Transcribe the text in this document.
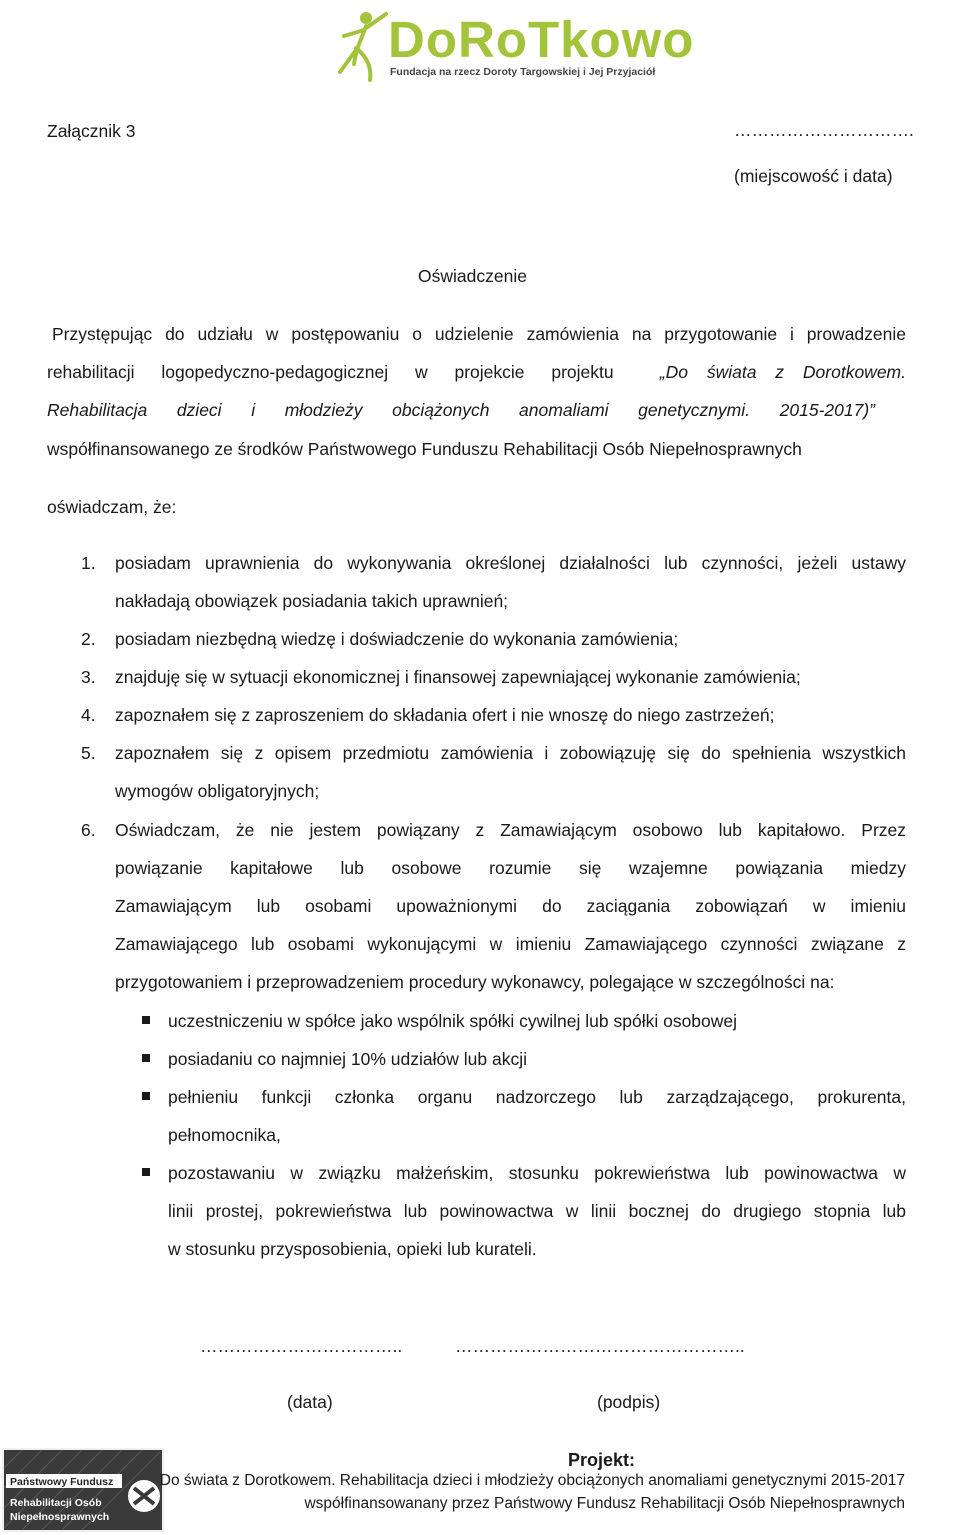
DoRoTkowo
Fundacja na rzecz Doroty Targowskiej i Jej Przyjaciół
Załącznik 3	………………………….
(miejscowość i data)
Oświadczenie
Przystępując do udziału w postępowaniu o udzielenie zamówienia na przygotowanie i prowadzenie
rehabilitacji logopedyczno-pedagogicznej w projekcie projektu	„Do świata z Dorotkowem.
Rehabilitacja dzieci i młodzieży obciążonych anomaliami genetycznymi. 2015-2017)”
współfinansowanego ze środków Państwowego Funduszu Rehabilitacji Osób Niepełnosprawnych
oświadczam, że:
1. posiadam uprawnienia do wykonywania określonej działalności lub czynności, jeżeli ustawy
nakładają obowiązek posiadania takich uprawnień;
2. posiadam niezbędną wiedzę i doświadczenie do wykonania zamówienia;
3. znajduję się w sytuacji ekonomicznej i finansowej zapewniającej wykonanie zamówienia;
4. zapoznałem się z zaproszeniem do składania ofert i nie wnoszę do niego zastrzeżeń;
5. zapoznałem się z opisem przedmiotu zamówienia i zobowiązuję się do spełnienia wszystkich
wymogów obligatoryjnych;
6. Oświadczam, że nie jestem powiązany z Zamawiającym osobowo lub kapitałowo. Przez
powiązanie kapitałowe lub osobowe rozumie się wzajemne powiązania miedzy
Zamawiającym lub osobami upoważnionymi do zaciągania zobowiązań w imieniu
Zamawiającego lub osobami wykonującymi w imieniu Zamawiającego czynności związane z
przygotowaniem i przeprowadzeniem procedury wykonawcy, polegające w szczególności na:
uczestniczeniu w spółce jako wspólnik spółki cywilnej lub spółki osobowej
posiadaniu co najmniej 10% udziałów lub akcji
pełnieniu funkcji członka organu nadzorczego lub zarządzającego, prokurenta,
pełnomocnika,
pozostawaniu w związku małżeńskim, stosunku pokrewieństwa lub powinowactwa w
linii prostej, pokrewieństwa lub powinowactwa w linii bocznej do drugiego stopnia lub
w stosunku przysposobienia, opieki lub kurateli.
……………………………..	…………………………………………..
(data)	(podpis)
Państwowy Fundusz
Rehabilitacji Osób
Niepełnosprawnych
Projekt:
Do świata z Dorotkowem. Rehabilitacja dzieci i młodzieży obciążonych anomaliami genetycznymi 2015-2017
współfinansowanany przez Państwowy Fundusz Rehabilitacji Osób Niepełnosprawnych
